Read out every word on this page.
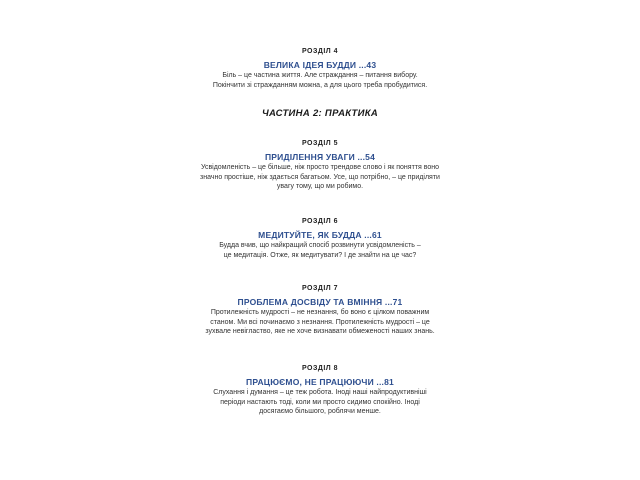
РОЗДІЛ 4
ВЕЛИКА ІДЕЯ БУДДИ ...43
Біль – це частина життя. Але страждання – питання вибору.
Покінчити зі стражданням можна, а для цього треба пробудитися.
ЧАСТИНА 2: ПРАКТИКА
РОЗДІЛ 5
ПРИДІЛЕННЯ УВАГИ ...54
Усвідомленість – це більше, ніж просто трендове слово і як поняття воно
значно простіше, ніж здається багатьом. Усе, що потрібно, – це приділяти
увагу тому, що ми робимо.
РОЗДІЛ 6
МЕДИТУЙТЕ, ЯК БУДДА ...61
Будда вчив, що найкращий спосіб розвинути усвідомленість –
це медитація. Отже, як медитувати? І де знайти на це час?
РОЗДІЛ 7
ПРОБЛЕМА ДОСВІДУ ТА ВМІННЯ ...71
Протилежність мудрості – не незнання, бо воно є цілком поважним
станом. Ми всі починаємо з незнання. Протилежність мудрості – це
зухвале невігластво, яке не хоче визнавати обмеженості наших знань.
РОЗДІЛ 8
ПРАЦЮЄМО, НЕ ПРАЦЮЮЧИ ...81
Слухання і думання – це теж робота. Іноді наші найпродуктивніші
періоди настають тоді, коли ми просто сидимо спокійно. Іноді
досягаємо більшого, роблячи менше.
